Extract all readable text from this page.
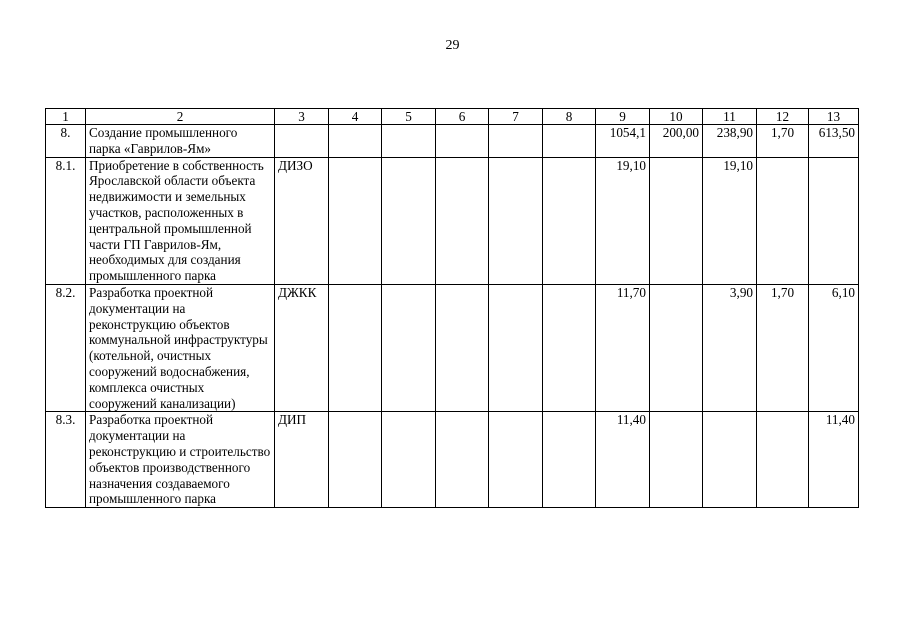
29
1	2	3	4	5	6	7	8	9	10	11	12	13
8.	Создание промышленного парка «Гаврилов-Ям»							1054,1	200,00	238,90	1,70	613,50
8.1.	Приобретение в собственность Ярославской области объекта недвижимости и земельных участков, расположенных в центральной промышленной части ГП Гаврилов-Ям, необходимых для создания промышленного парка	ДИЗО						19,10		19,10		
8.2.	Разработка проектной документации на реконструкцию объектов коммунальной инфраструктуры (котельной, очистных сооружений водоснабжения, комплекса очистных сооружений канализации)	ДЖКК						11,70		3,90	1,70	6,10
8.3.	Разработка проектной документации на реконструкцию и строительство объектов производственного назначения создаваемого промышленного парка	ДИП						11,40				11,40
